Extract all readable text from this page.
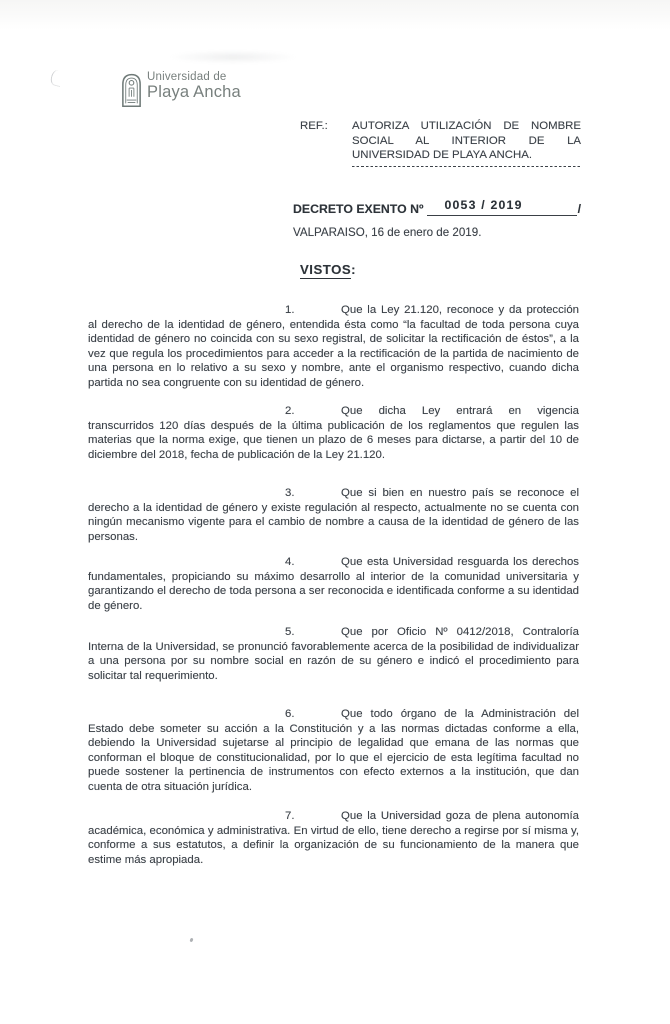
Universidad de
Playa Ancha
REF.:	AUTORIZA UTILIZACIÓN DE NOMBRE
SOCIAL AL INTERIOR DE LA
UNIVERSIDAD DE PLAYA ANCHA.
DECRETO EXENTO Nº 0053 / 2019	/
VALPARAISO, 16 de enero de 2019.
VISTOS:

1.	Que la Ley 21.120, reconoce y da protección al derecho de la identidad de género, entendida ésta como “la facultad de toda persona cuya identidad de género no coincida con su sexo registral, de solicitar la rectificación de éstos”, a la vez que regula los procedimientos para acceder a la rectificación de la partida de nacimiento de una persona en lo relativo a su sexo y nombre, ante el organismo respectivo, cuando dicha partida no sea congruente con su identidad de género.

2.	Que dicha Ley entrará en vigencia transcurridos 120 días después de la última publicación de los reglamentos que regulen las materias que la norma exige, que tienen un plazo de 6 meses para dictarse, a partir del 10 de diciembre del 2018, fecha de publicación de la Ley 21.120.

3.	Que si bien en nuestro país se reconoce el derecho a la identidad de género y existe regulación al respecto, actualmente no se cuenta con ningún mecanismo vigente para el cambio de nombre a causa de la identidad de género de las personas.

4.	Que esta Universidad resguarda los derechos fundamentales, propiciando su máximo desarrollo al interior de la comunidad universitaria y garantizando el derecho de toda persona a ser reconocida e identificada conforme a su identidad de género.

5.	Que por Oficio Nº 0412/2018, Contraloría Interna de la Universidad, se pronunció favorablemente acerca de la posibilidad de individualizar a una persona por su nombre social en razón de su género e indicó el procedimiento para solicitar tal requerimiento.

6.	Que todo órgano de la Administración del Estado debe someter su acción a la Constitución y a las normas dictadas conforme a ella, debiendo la Universidad sujetarse al principio de legalidad que emana de las normas que conforman el bloque de constitucionalidad, por lo que el ejercicio de esta legítima facultad no puede sostener la pertinencia de instrumentos con efecto externos a la institución, que dan cuenta de otra situación jurídica.

7.	Que la Universidad goza de plena autonomía académica, económica y administrativa. En virtud de ello, tiene derecho a regirse por sí misma y, conforme a sus estatutos, a definir la organización de su funcionamiento de la manera que estime más apropiada.
